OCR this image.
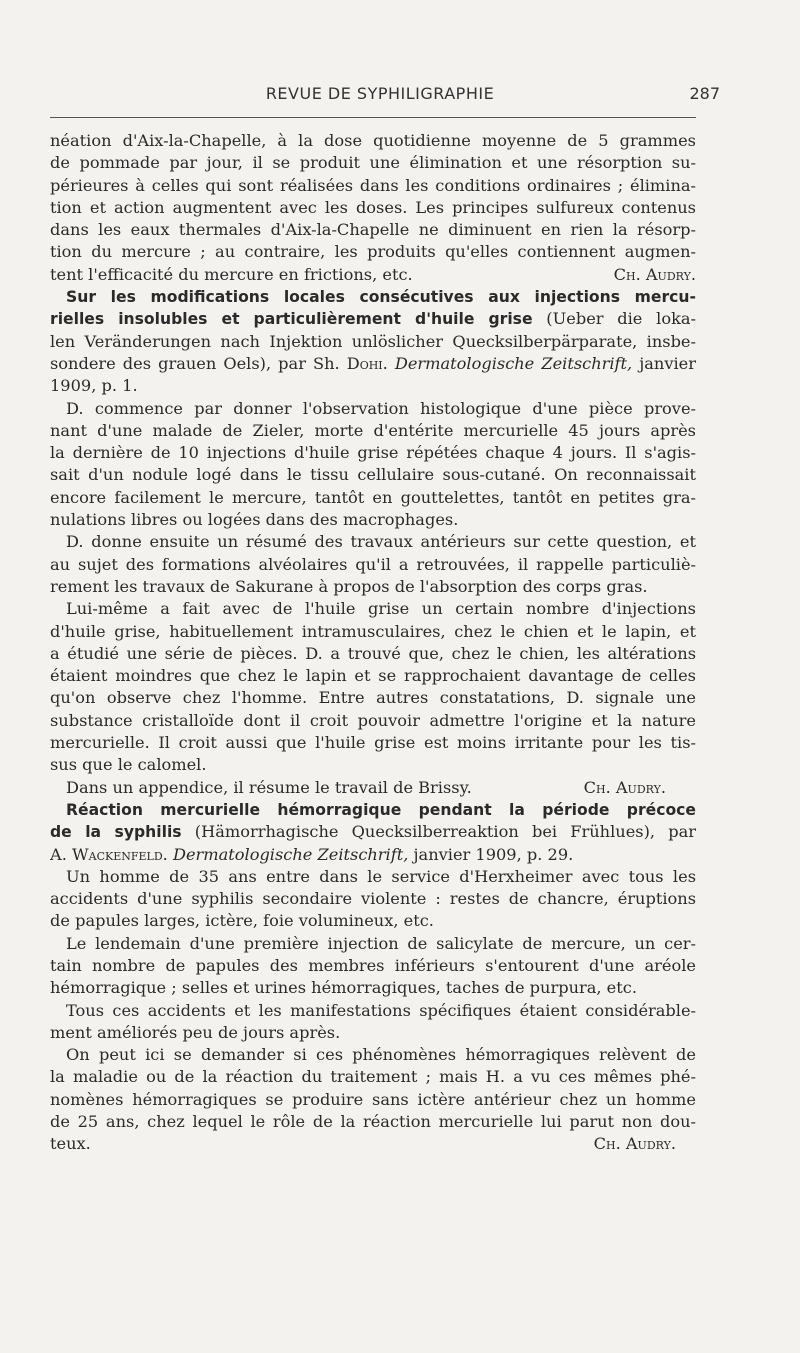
REVUE DE SYPHILIGRAPHIE	287

néation d'Aix-la-Chapelle, à la dose quotidienne moyenne de 5 grammes
de pommade par jour, il se produit une élimination et une résorption su-
périeures à celles qui sont réalisées dans les conditions ordinaires ; élimina-
tion et action augmentent avec les doses. Les principes sulfureux contenus
dans les eaux thermales d'Aix-la-Chapelle ne diminuent en rien la résorp-
tion du mercure ; au contraire, les produits qu'elles contiennent augmen-
tent l'efficacité du mercure en frictions, etc.	Ch. Audry.

Sur les modifications locales consécutives aux injections mercu-
rielles insolubles et particulièrement d'huile grise (Ueber die loka-
len Veränderungen nach Injektion unlöslicher Quecksilberpärparate, insbe-
sondere des grauen Oels), par Sh. Dohi. Dermatologische Zeitschrift, janvier
1909, p. 1.

D. commence par donner l'observation histologique d'une pièce prove-
nant d'une malade de Zieler, morte d'entérite mercurielle 45 jours après
la dernière de 10 injections d'huile grise répétées chaque 4 jours. Il s'agis-
sait d'un nodule logé dans le tissu cellulaire sous-cutané. On reconnaissait
encore facilement le mercure, tantôt en gouttelettes, tantôt en petites gra-
nulations libres ou logées dans des macrophages.

D. donne ensuite un résumé des travaux antérieurs sur cette question, et
au sujet des formations alvéolaires qu'il a retrouvées, il rappelle particuliè-
rement les travaux de Sakurane à propos de l'absorption des corps gras.

Lui-même a fait avec de l'huile grise un certain nombre d'injections
d'huile grise, habituellement intramusculaires, chez le chien et le lapin, et
a étudié une série de pièces. D. a trouvé que, chez le chien, les altérations
étaient moindres que chez le lapin et se rapprochaient davantage de celles
qu'on observe chez l'homme. Entre autres constatations, D. signale une
substance cristalloïde dont il croit pouvoir admettre l'origine et la nature
mercurielle. Il croit aussi que l'huile grise est moins irritante pour les tis-
sus que le calomel.

Dans un appendice, il résume le travail de Brissy.	Ch. Audry.

Réaction mercurielle hémorragique pendant la période précoce
de la syphilis (Hämorrhagische Quecksilberreaktion bei Frühlues), par
A. Wackenfeld. Dermatologische Zeitschrift, janvier 1909, p. 29.

Un homme de 35 ans entre dans le service d'Herxheimer avec tous les
accidents d'une syphilis secondaire violente : restes de chancre, éruptions
de papules larges, ictère, foie volumineux, etc.

Le lendemain d'une première injection de salicylate de mercure, un cer-
tain nombre de papules des membres inférieurs s'entourent d'une aréole
hémorragique ; selles et urines hémorragiques, taches de purpura, etc.

Tous ces accidents et les manifestations spécifiques étaient considérable-
ment améliorés peu de jours après.

On peut ici se demander si ces phénomènes hémorragiques relèvent de
la maladie ou de la réaction du traitement ; mais H. a vu ces mêmes phé-
nomènes hémorragiques se produire sans ictère antérieur chez un homme
de 25 ans, chez lequel le rôle de la réaction mercurielle lui parut non dou-
teux.	Ch. Audry.
